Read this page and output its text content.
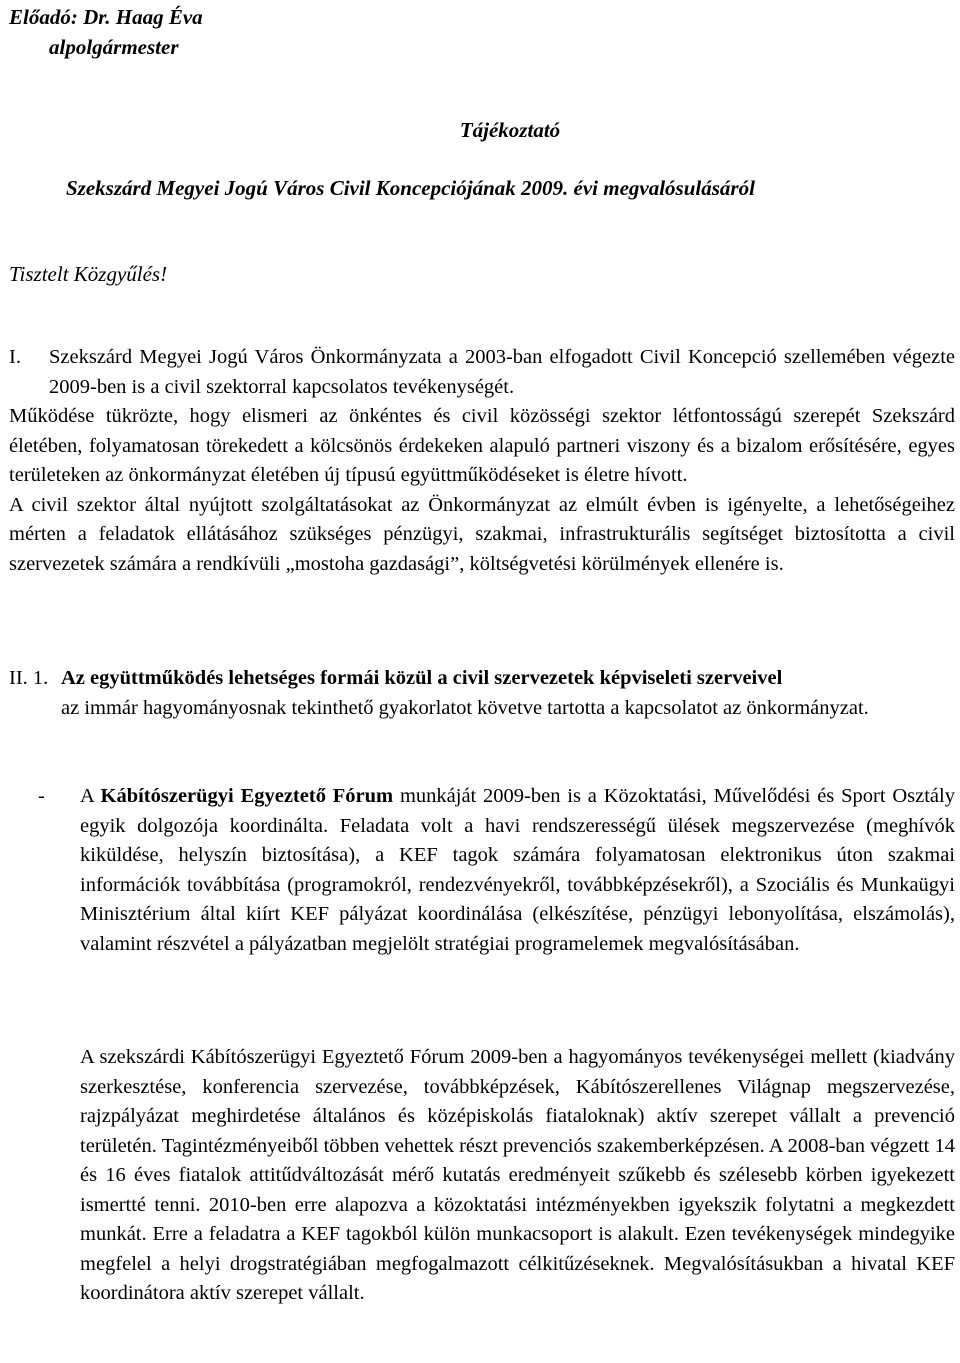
Előadó: Dr. Haag Éva
alpolgármester
Tájékoztató
Szekszárd Megyei Jogú Város Civil Koncepciójának 2009. évi megvalósulásáról
Tisztelt Közgyűlés!
I.	Szekszárd Megyei Jogú Város Önkormányzata a 2003-ban elfogadott Civil Koncepció szellemében végezte 2009-ben is a civil szektorral kapcsolatos tevékenységét.

Működése tükrözte, hogy elismeri az önkéntes és civil közösségi szektor létfontosságú szerepét Szekszárd életében, folyamatosan törekedett a kölcsönös érdekeken alapuló partneri viszony és a bizalom erősítésére, egyes területeken az önkormányzat életében új típusú együttműködéseket is életre hívott.

A civil szektor által nyújtott szolgáltatásokat az Önkormányzat az elmúlt évben is igényelte, a lehetőségeihez mérten a feladatok ellátásához szükséges pénzügyi, szakmai, infrastrukturális segítséget biztosította a civil szervezetek számára a rendkívüli „mostoha gazdasági”, költségvetési körülmények ellenére is.

II. 1. Az együttműködés lehetséges formái közül a civil szervezetek képviseleti szerveivel
az immár hagyományosnak tekinthető gyakorlatot követve tartotta a kapcsolatot az önkormányzat.
-	A Kábítószerügyi Egyeztető Fórum munkáját 2009-ben is a Közoktatási, Művelődési és Sport Osztály egyik dolgozója koordinálta. Feladata volt a havi rendszerességű ülések megszervezése (meghívók kiküldése, helyszín biztosítása), a KEF tagok számára folyamatosan elektronikus úton szakmai információk továbbítása (programokról, rendezvényekről, továbbképzésekről), a Szociális és Munkaügyi Minisztérium által kiírt KEF pályázat koordinálása (elkészítése, pénzügyi lebonyolítása, elszámolás), valamint részvétel a pályázatban megjelölt stratégiai programelemek megvalósításában.

A szekszárdi Kábítószerügyi Egyeztető Fórum 2009-ben a hagyományos tevékenységei mellett (kiadvány szerkesztése, konferencia szervezése, továbbképzések, Kábítószerellenes Világnap megszervezése, rajzpályázat meghirdetése általános és középiskolás fiataloknak) aktív szerepet vállalt a prevenció területén. Tagintézményeiből többen vehettek részt prevenciós szakemberképzésen. A 2008-ban végzett 14 és 16 éves fiatalok attitűdváltozását mérő kutatás eredményeit szűkebb és szélesebb körben igyekezett ismertté tenni. 2010-ben erre alapozva a közoktatási intézményekben igyekszik folytatni a megkezdett munkát. Erre a feladatra a KEF tagokból külön munkacsoport is alakult. Ezen tevékenységek mindegyike megfelel a helyi drogstratégiában megfogalmazott célkitűzéseknek. Megvalósításukban a hivatal KEF koordinátora aktív szerepet vállalt.
